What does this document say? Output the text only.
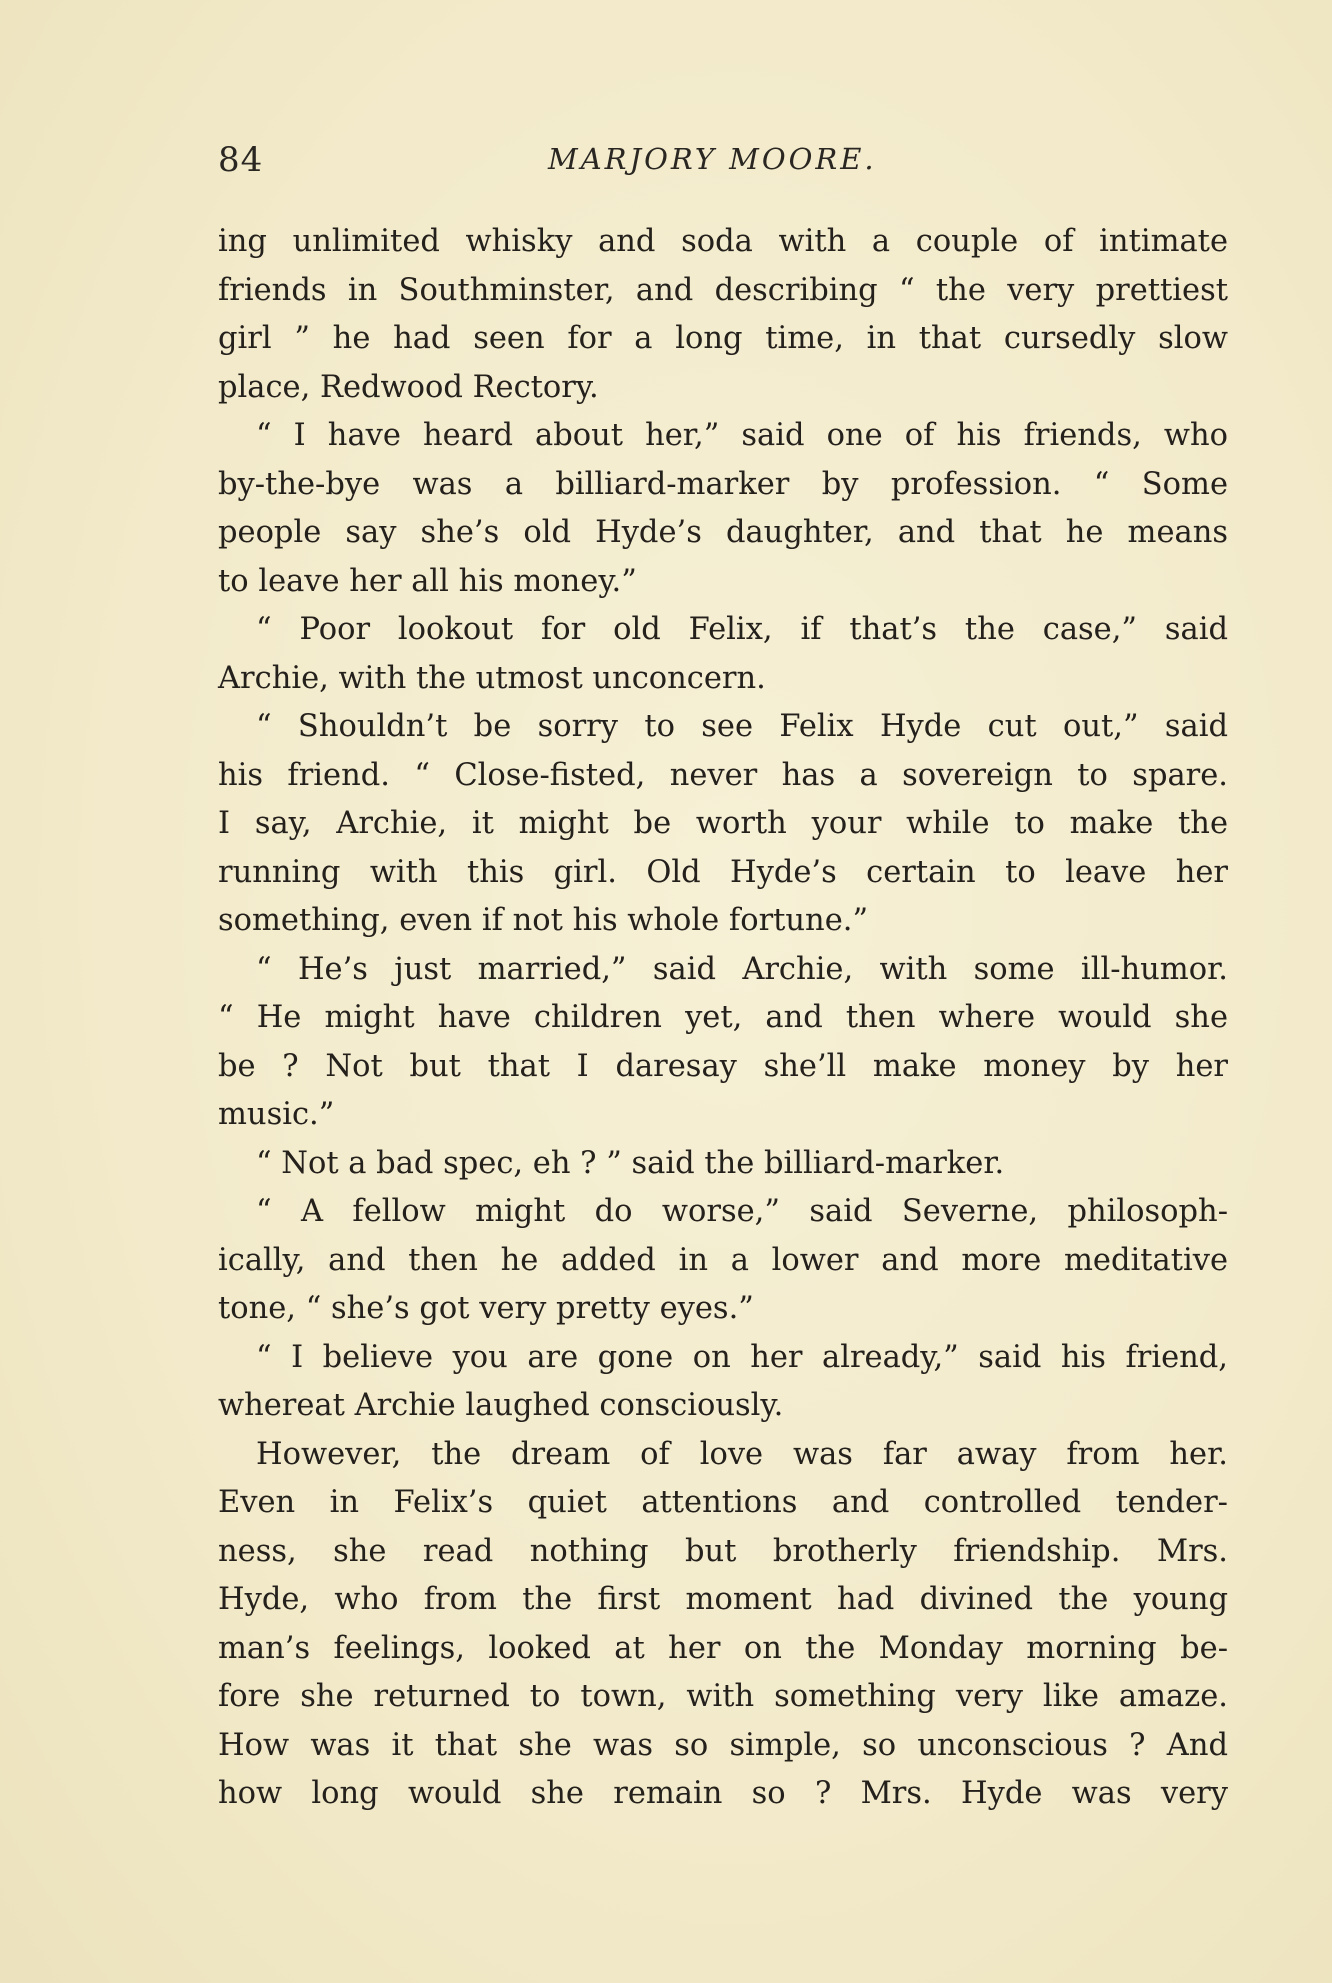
84	MARJORY MOORE.
ing unlimited whisky and soda with a couple of intimate
friends in Southminster, and describing “ the very prettiest
girl ” he had seen for a long time, in that cursedly slow
place, Redwood Rectory.
“ I have heard about her,” said one of his friends, who
by-the-bye was a billiard-marker by profession. “ Some
people say she’s old Hyde’s daughter, and that he means
to leave her all his money.”
“ Poor lookout for old Felix, if that’s the case,” said
Archie, with the utmost unconcern.
“ Shouldn’t be sorry to see Felix Hyde cut out,” said
his friend. “ Close-fisted, never has a sovereign to spare.
I say, Archie, it might be worth your while to make the
running with this girl. Old Hyde’s certain to leave her
something, even if not his whole fortune.”
“ He’s just married,” said Archie, with some ill-humor.
“ He might have children yet, and then where would she
be ? Not but that I daresay she’ll make money by her
music.”
“ Not a bad spec, eh ? ” said the billiard-marker.
“ A fellow might do worse,” said Severne, philosoph-
ically, and then he added in a lower and more meditative
tone, “ she’s got very pretty eyes.”
“ I believe you are gone on her already,” said his friend,
whereat Archie laughed consciously.
However, the dream of love was far away from her.
Even in Felix’s quiet attentions and controlled tender-
ness, she read nothing but brotherly friendship. Mrs.
Hyde, who from the first moment had divined the young
man’s feelings, looked at her on the Monday morning be-
fore she returned to town, with something very like amaze.
How was it that she was so simple, so unconscious ? And
how long would she remain so ? Mrs. Hyde was very
